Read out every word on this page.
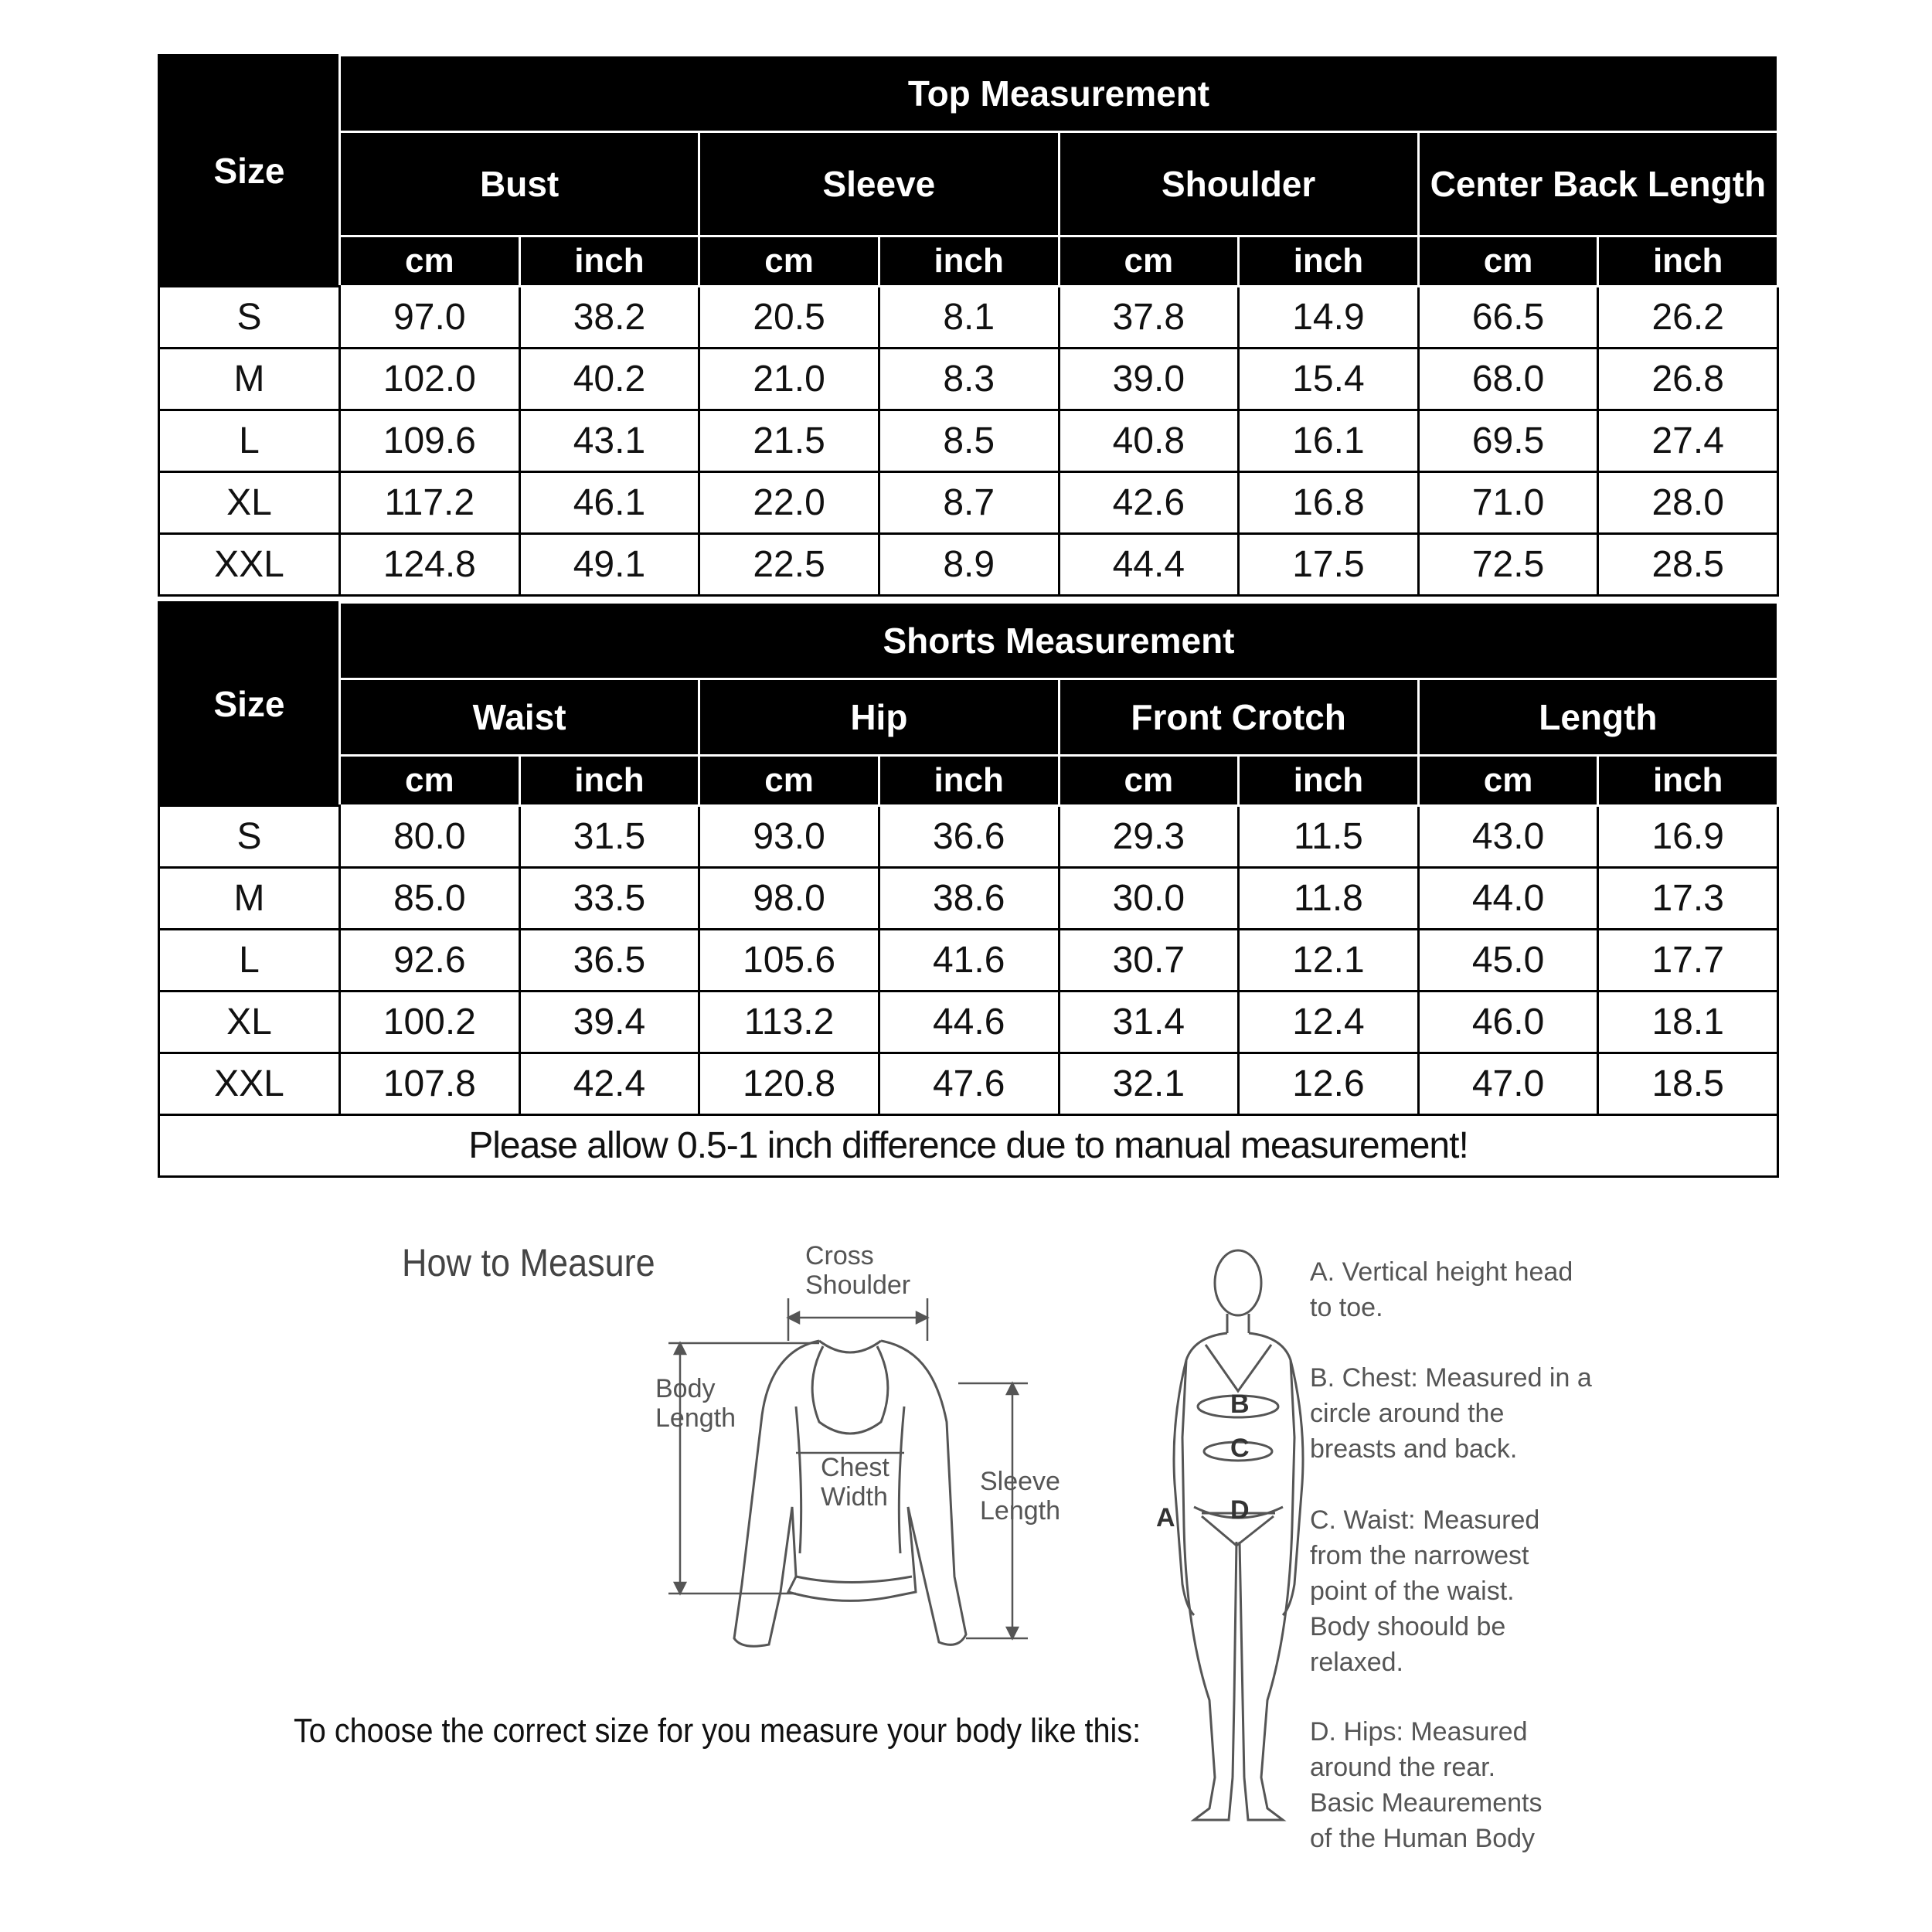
Size	Top Measurement							
	Bust		Sleeve		Shoulder		Center Back Length	
	cm	inch	cm	inch	cm	inch	cm	inch
S	97.0	38.2	20.5	8.1	37.8	14.9	66.5	26.2
M	102.0	40.2	21.0	8.3	39.0	15.4	68.0	26.8
L	109.6	43.1	21.5	8.5	40.8	16.1	69.5	27.4
XL	117.2	46.1	22.0	8.7	42.6	16.8	71.0	28.0
XXL	124.8	49.1	22.5	8.9	44.4	17.5	72.5	28.5
Size	Shorts Measurement							
	Waist		Hip		Front Crotch		Length	
	cm	inch	cm	inch	cm	inch	cm	inch
S	80.0	31.5	93.0	36.6	29.3	11.5	43.0	16.9
M	85.0	33.5	98.0	38.6	30.0	11.8	44.0	17.3
L	92.6	36.5	105.6	41.6	30.7	12.1	45.0	17.7
XL	100.2	39.4	113.2	44.6	31.4	12.4	46.0	18.1
XXL	107.8	42.4	120.8	47.6	32.1	12.6	47.0	18.5
Please allow 0.5-1 inch difference due to manual measurement!								
How to Measure	Cross
Shoulder
Body
Length
Chest
Width
Sleeve
Length	A
B
C
D
To choose the correct size for you measure your body like this:
A. Vertical height head
to toe.
B. Chest: Measured in a
circle around the
breasts and back.
C. Waist: Measured
from the narrowest
point of the waist.
Body shoould be
relaxed.
D. Hips: Measured
around the rear.
Basic Meaurements
of the Human Body
